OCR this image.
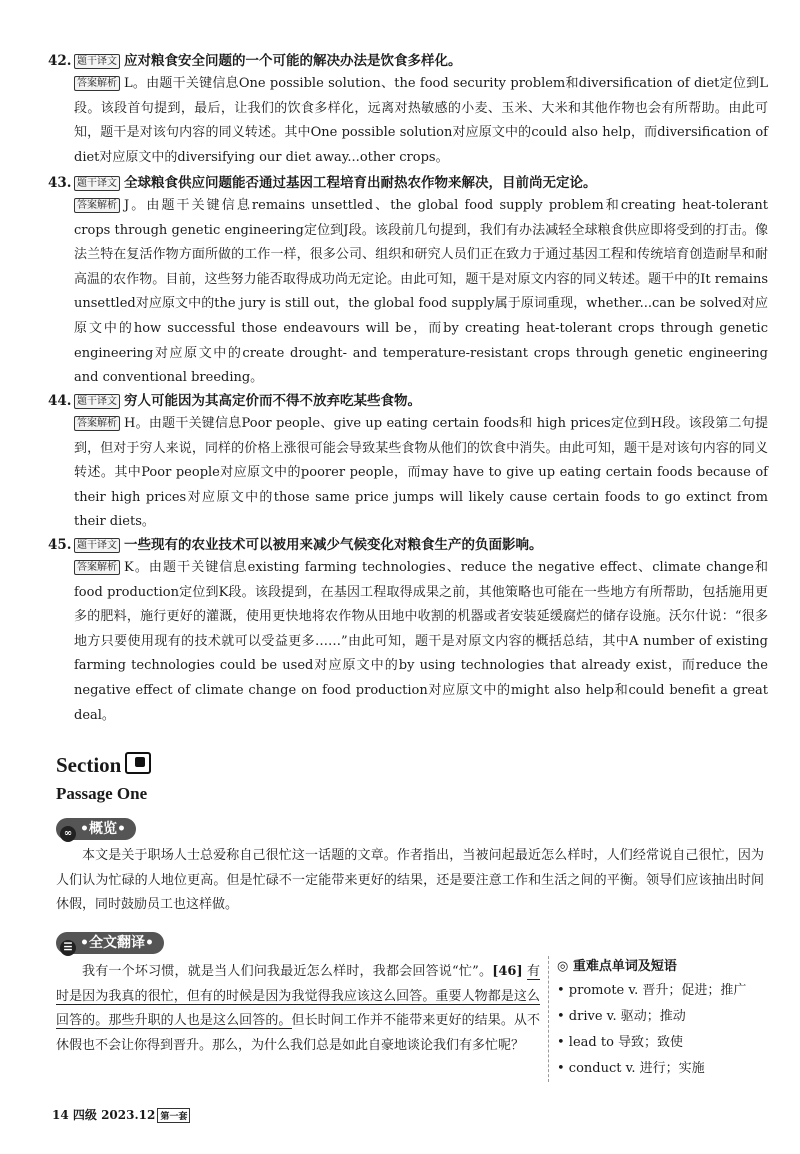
42. 题干译文 应对粮食安全问题的一个可能的解决办法是饮食多样化。
答案解析 L。由题干关键信息One possible solution、the food security problem和diversification of diet定位到L段。该段首句提到，最后，让我们的饮食多样化，远离对热敏感的小麦、玉米、大米和其他作物也会有所帮助。由此可知，题干是对该句内容的同义转述。其中One possible solution对应原文中的could also help，而diversification of diet对应原文中的diversifying our diet away...other crops。
43. 题干译文 全球粮食供应问题能否通过基因工程培育出耐热农作物来解决，目前尚无定论。
答案解析 J。由题干关键信息remains unsettled、the global food supply problem和creating heat-tolerant crops through genetic engineering定位到J段。该段前几句提到，我们有办法减轻全球粮食供应即将受到的打击。像法兰特在复活作物方面所做的工作一样，很多公司、组织和研究人员们正在致力于通过基因工程和传统培育创造耐旱和耐高温的农作物。目前，这些努力能否取得成功尚无定论。由此可知，题干是对原文内容的同义转述。题干中的It remains unsettled对应原文中的the jury is still out，the global food supply属于原词重现，whether...can be solved对应原文中的how successful those endeavours will be，而by creating heat-tolerant crops through genetic engineering对应原文中的create drought- and temperature-resistant crops through genetic engineering and conventional breeding。
44. 题干译文 穷人可能因为其高定价而不得不放弃吃某些食物。
答案解析 H。由题干关键信息Poor people、give up eating certain foods和 high prices定位到H段。该段第二句提到，但对于穷人来说，同样的价格上涨很可能会导致某些食物从他们的饮食中消失。由此可知，题干是对该句内容的同义转述。其中Poor people对应原文中的poorer people，而may have to give up eating certain foods because of their high prices对应原文中的those same price jumps will likely cause certain foods to go extinct from their diets。
45. 题干译文 一些现有的农业技术可以被用来减少气候变化对粮食生产的负面影响。
答案解析 K。由题干关键信息existing farming technologies、reduce the negative effect、climate change和food production定位到K段。该段提到，在基因工程取得成果之前，其他策略也可能在一些地方有所帮助，包括施用更多的肥料，施行更好的灌溉，使用更快地将农作物从田地中收割的机器或者安装延缓腐烂的储存设施。沃尔什说：“很多地方只要使用现有的技术就可以受益更多……”由此可知，题干是对原文内容的概括总结，其中A number of existing farming technologies could be used对应原文中的by using technologies that already exist，而reduce the negative effect of climate change on food production对应原文中的might also help和could benefit a great deal。
Section
Passage One
∞ •概览•
本文是关于职场人士总爱称自己很忙这一话题的文章。作者指出，当被问起最近怎么样时，人们经常说自己很忙，因为人们认为忙碌的人地位更高。但是忙碌不一定能带来更好的结果，还是要注意工作和生活之间的平衡。领导们应该抽出时间休假，同时鼓励员工也这样做。
☰ •全文翻译•

我有一个坏习惯，就是当人们问我最近怎么样时，我都会回答说“忙”。[46] 有时是因为我真的很忙，但有的时候是因为我觉得我应该这么回答。重要人物都是这么回答的。那些升职的人也是这么回答的。但长时间工作并不能带来更好的结果。从不休假也不会让你得到晋升。那么，为什么我们总是如此自豪地谈论我们有多忙呢？

◎ 重难点单词及短语
• promote v. 晋升；促进；推广
• drive v. 驱动；推动
• lead to 导致；致使
• conduct v. 进行；实施
14 四级 2023.12 第一套
